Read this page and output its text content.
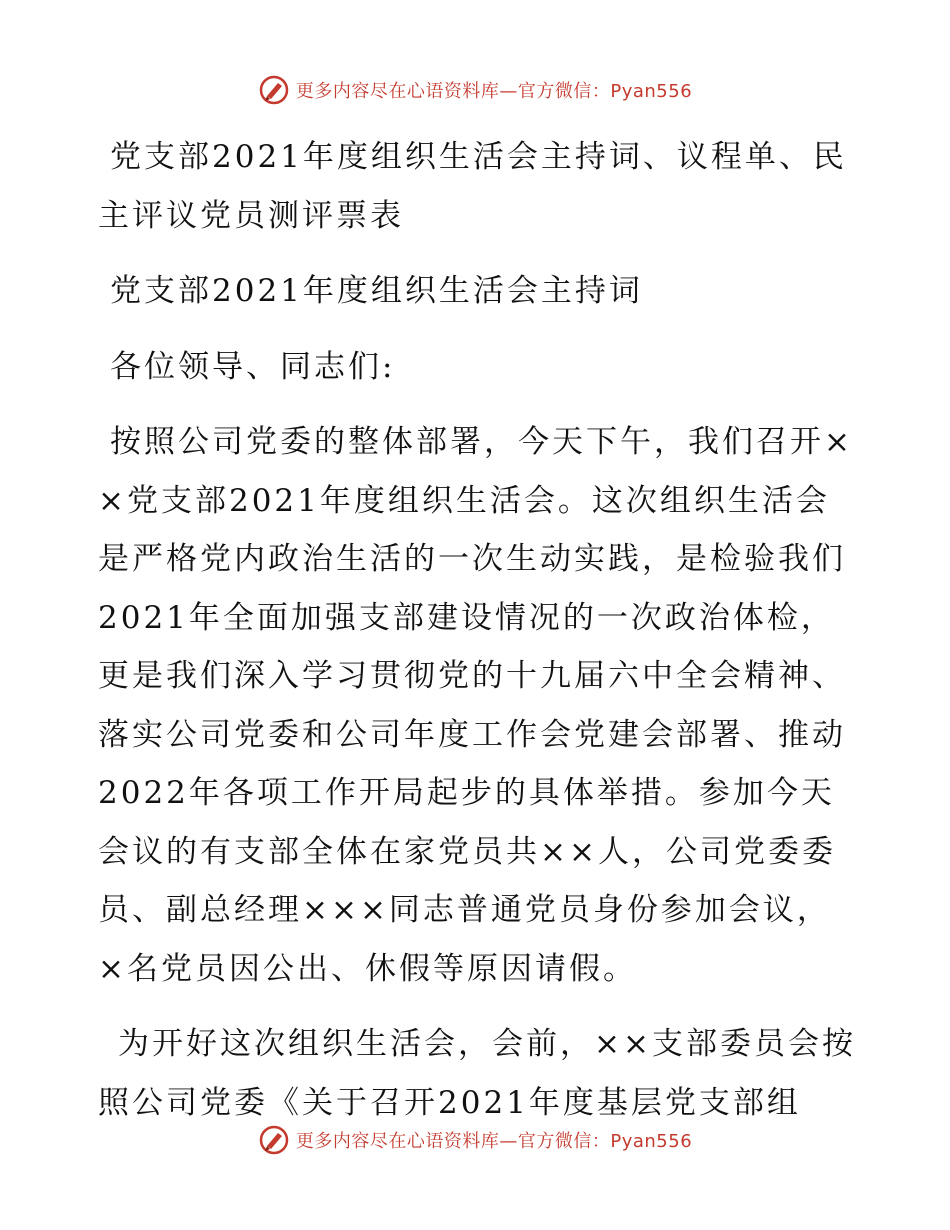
更多内容尽在心语资料库—官方微信：Pyan556

党支部2021年度组织生活会主持词、议程单、民主评议党员测评票表

党支部2021年度组织生活会主持词

各位领导、同志们:

按照公司党委的整体部署，今天下午，我们召开××党支部2021年度组织生活会。这次组织生活会是严格党内政治生活的一次生动实践，是检验我们2021年全面加强支部建设情况的一次政治体检，更是我们深入学习贯彻党的十九届六中全会精神、落实公司党委和公司年度工作会党建会部署、推动2022年各项工作开局起步的具体举措。参加今天会议的有支部全体在家党员共××人，公司党委委员、副总经理×××同志普通党员身份参加会议，×名党员因公出、休假等原因请假。

为开好这次组织生活会，会前，××支部委员会按照公司党委《关于召开2021年度基层党支部组

更多内容尽在心语资料库—官方微信：Pyan556
